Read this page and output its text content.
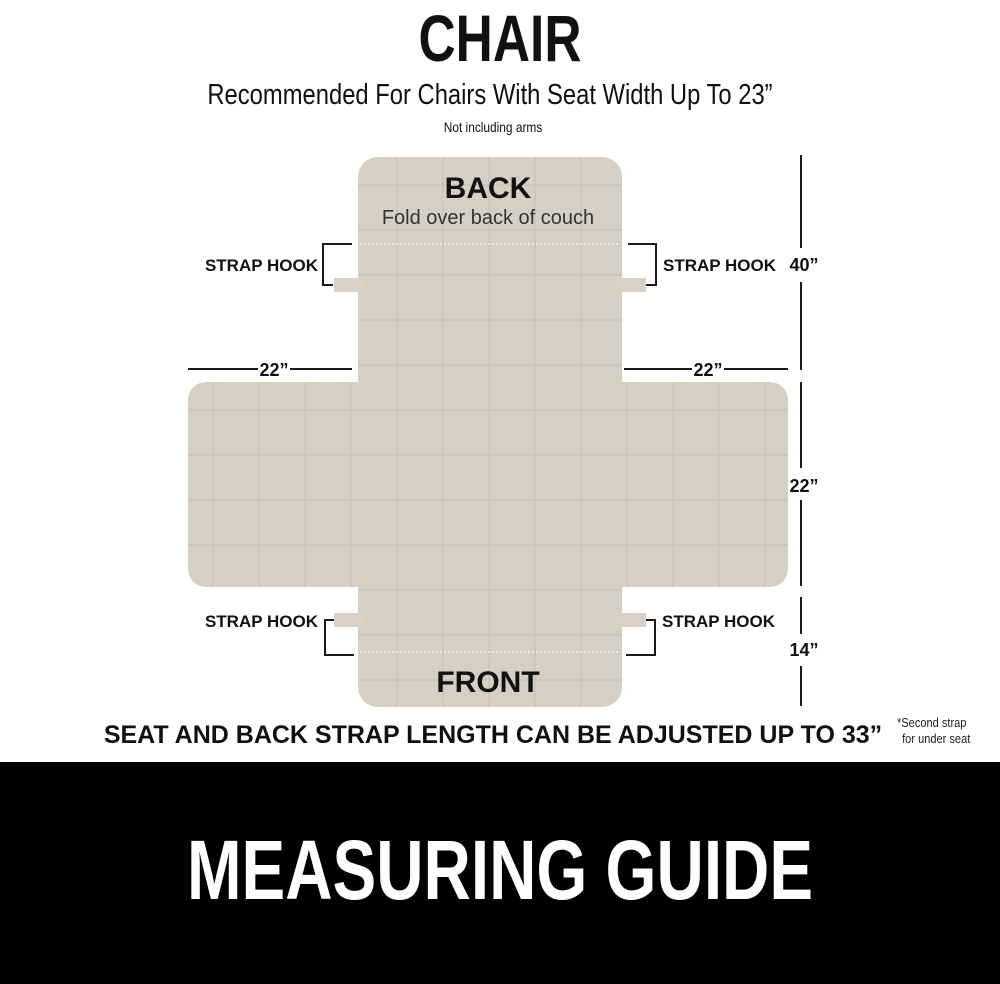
CHAIR
Recommended For Chairs With Seat Width Up To 23”
Not including arms
BACK
Fold over back of couch
FRONT
STRAP HOOK	STRAP HOOK
STRAP HOOK	STRAP HOOK
22”	22”
40”
22”
14”
SEAT AND BACK STRAP LENGTH CAN BE ADJUSTED UP TO 33” *Second strap
for under seat
MEASURING GUIDE
